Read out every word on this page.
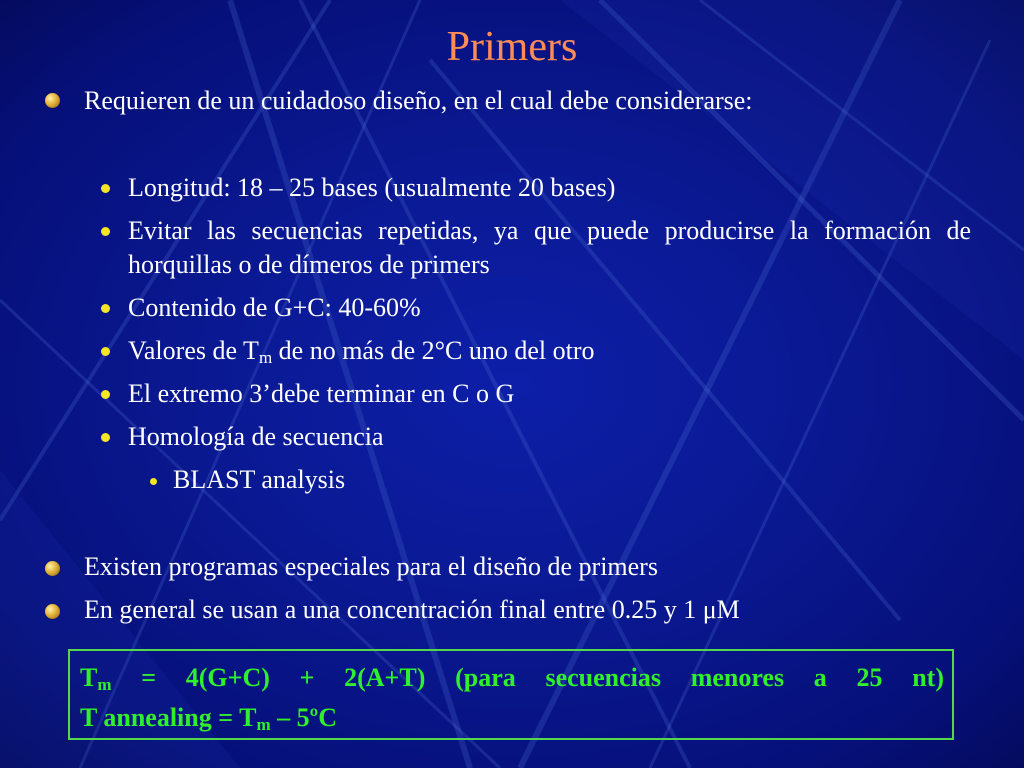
Primers
Requieren de un cuidadoso diseño, en el cual debe considerarse:
Longitud: 18 – 25 bases (usualmente 20 bases)
Evitar las secuencias repetidas, ya que puede producirse la formación de horquillas o de dímeros de primers
Contenido de G+C: 40-60%
Valores de $T_m$ de no más de 2°C uno del otro
El extremo 3’debe terminar en C o G
Homología de secuencia
BLAST analysis
Existen programas especiales para el diseño de primers
En general se usan a una concentración final entre 0.25 y 1 μM
$T_m = 4(G+C) + 2(A+T)$ (para secuencias menores a 25 nt)
T annealing = $T_m$ – 5ºC
